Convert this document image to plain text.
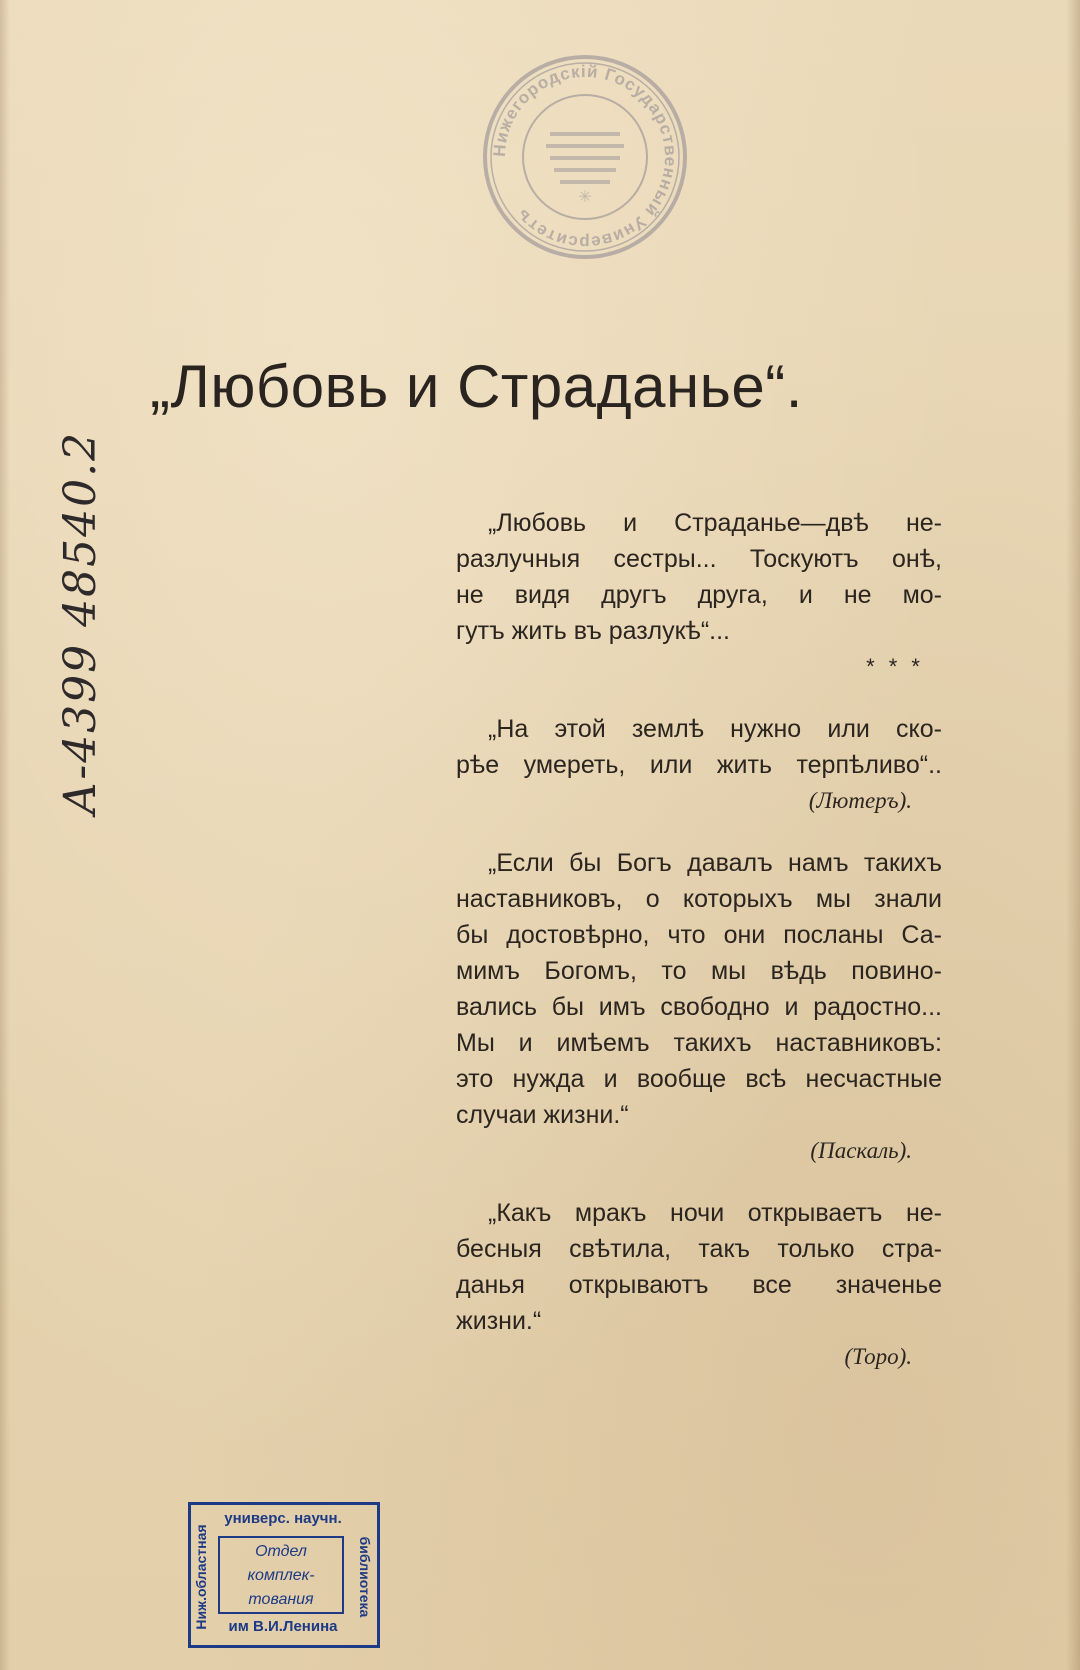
Нижегородскiй Государственный Университетъ
✳
А-4399 48540.2
„Любовь и Страданье“.
„Любовь и Страданье—двѣ не-
разлучныя сестры... Тоскуютъ онѣ,
не видя другъ друга, и не мо-
гутъ жить въ разлукѣ“...
* * *
„На этой землѣ нужно или ско-
рѣе умереть, или жить терпѣливо“..
(Лютеръ).
„Если бы Богъ давалъ намъ такихъ
наставниковъ, о которыхъ мы знали
бы достовѣрно, что они посланы Са-
мимъ Богомъ, то мы вѣдь повино-
вались бы имъ свободно и радостно...
Мы и имѣемъ такихъ наставниковъ:
это нужда и вообще всѣ несчастные
случаи жизни.“
(Паскаль).
„Какъ мракъ ночи открываетъ не-
бесныя свѣтила, такъ только стра-
данья открываютъ все значенье
жизни.“
(Торо).
универс. научн.
Ниж.областная	библиотека
Отдел
комплек-
тования
им В.И.Ленина
